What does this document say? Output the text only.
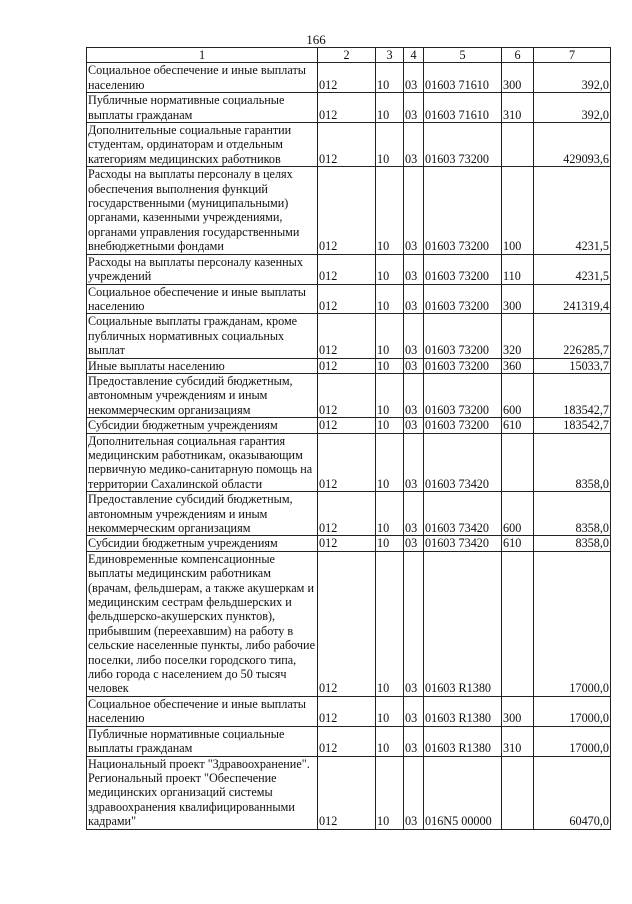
166
1	2	3	4	5	6	7
Социальное обеспечение и иные выплаты населению	012	10	03	01603 71610	300	392,0
Публичные нормативные социальные выплаты гражданам	012	10	03	01603 71610	310	392,0
Дополнительные социальные гарантии студентам, ординаторам и отдельным категориям медицинских работников	012	10	03	01603 73200		429093,6
Расходы на выплаты персоналу в целях обеспечения выполнения функций государственными (муниципальными) органами, казенными учреждениями, органами управления государственными внебюджетными фондами	012	10	03	01603 73200	100	4231,5
Расходы на выплаты персоналу казенных учреждений	012	10	03	01603 73200	110	4231,5
Социальное обеспечение и иные выплаты населению	012	10	03	01603 73200	300	241319,4
Социальные выплаты гражданам, кроме публичных нормативных социальных выплат	012	10	03	01603 73200	320	226285,7
Иные выплаты населению	012	10	03	01603 73200	360	15033,7
Предоставление субсидий бюджетным, автономным учреждениям и иным некоммерческим организациям	012	10	03	01603 73200	600	183542,7
Субсидии бюджетным учреждениям	012	10	03	01603 73200	610	183542,7
Дополнительная социальная гарантия медицинским работникам, оказывающим первичную медико-санитарную помощь на территории Сахалинской области	012	10	03	01603 73420		8358,0
Предоставление субсидий бюджетным, автономным учреждениям и иным некоммерческим организациям	012	10	03	01603 73420	600	8358,0
Субсидии бюджетным учреждениям	012	10	03	01603 73420	610	8358,0
Единовременные компенсационные выплаты медицинским работникам (врачам, фельдшерам, а также акушеркам и медицинским сестрам фельдшерских и фельдшерско-акушерских пунктов), прибывшим (переехавшим) на работу в сельские населенные пункты, либо рабочие поселки, либо поселки городского типа, либо города с населением до 50 тысяч человек	012	10	03	01603 R1380		17000,0
Социальное обеспечение и иные выплаты населению	012	10	03	01603 R1380	300	17000,0
Публичные нормативные социальные выплаты гражданам	012	10	03	01603 R1380	310	17000,0
Национальный проект "Здравоохранение". Региональный проект "Обеспечение медицинских организаций системы здравоохранения квалифицированными кадрами"	012	10	03	016N5 00000		60470,0
